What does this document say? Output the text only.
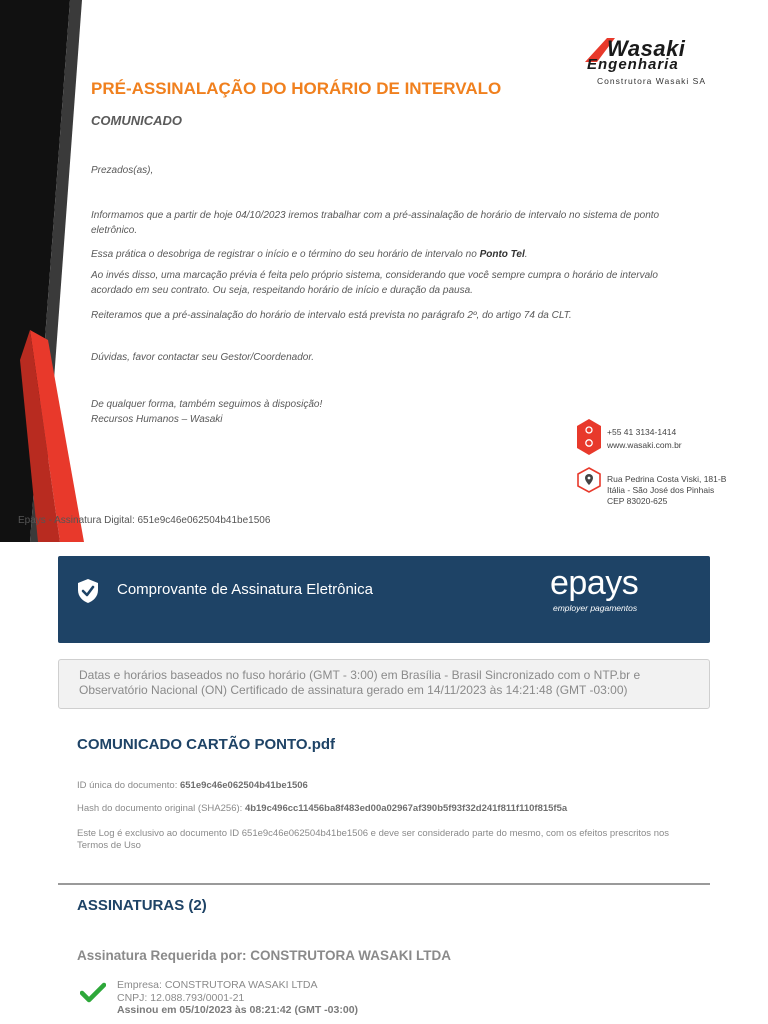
Wasaki
Engenharia
Construtora Wasaki SA
PRÉ-ASSINALAÇÃO DO HORÁRIO DE INTERVALO
COMUNICADO
Prezados(as),
Informamos que a partir de hoje 04/10/2023 iremos trabalhar com a pré-assinalação de horário de intervalo no sistema de ponto eletrônico.
Essa prática o desobriga de registrar o início e o término do seu horário de intervalo no Ponto Tel.
Ao invés disso, uma marcação prévia é feita pelo próprio sistema, considerando que você sempre cumpra o horário de intervalo acordado em seu contrato. Ou seja, respeitando horário de início e duração da pausa.
Reiteramos que a pré-assinalação do horário de intervalo está prevista no parágrafo 2º, do artigo 74 da CLT.
Dúvidas, favor contactar seu Gestor/Coordenador.
De qualquer forma, também seguimos à disposição!
Recursos Humanos – Wasaki
+55 41 3134-1414
www.wasaki.com.br
Rua Pedrina Costa Viski, 181-B
Itália - São José dos Pinhais
CEP 83020-625
Epays - Assinatura Digital: 651e9c46e062504b41be1506
Comprovante de Assinatura Eletrônica	epays
employer pagamentos

Datas e horários baseados no fuso horário (GMT - 3:00) em Brasília - Brasil Sincronizado com o NTP.br e Observatório Nacional (ON) Certificado de assinatura gerado em 14/11/2023 às 14:21:48 (GMT -03:00)

COMUNICADO CARTÃO PONTO.pdf
ID única do documento: 651e9c46e062504b41be1506
Hash do documento original (SHA256): 4b19c496cc11456ba8f483ed00a02967af390b5f93f32d241f811f110f815f5a
Este Log é exclusivo ao documento ID 651e9c46e062504b41be1506 e deve ser considerado parte do mesmo, com os efeitos prescritos nos Termos de Uso
ASSINATURAS (2)
Assinatura Requerida por: CONSTRUTORA WASAKI LTDA
Empresa: CONSTRUTORA WASAKI LTDA
CNPJ: 12.088.793/0001-21
Assinou em 05/10/2023 às 08:21:42 (GMT -03:00)
